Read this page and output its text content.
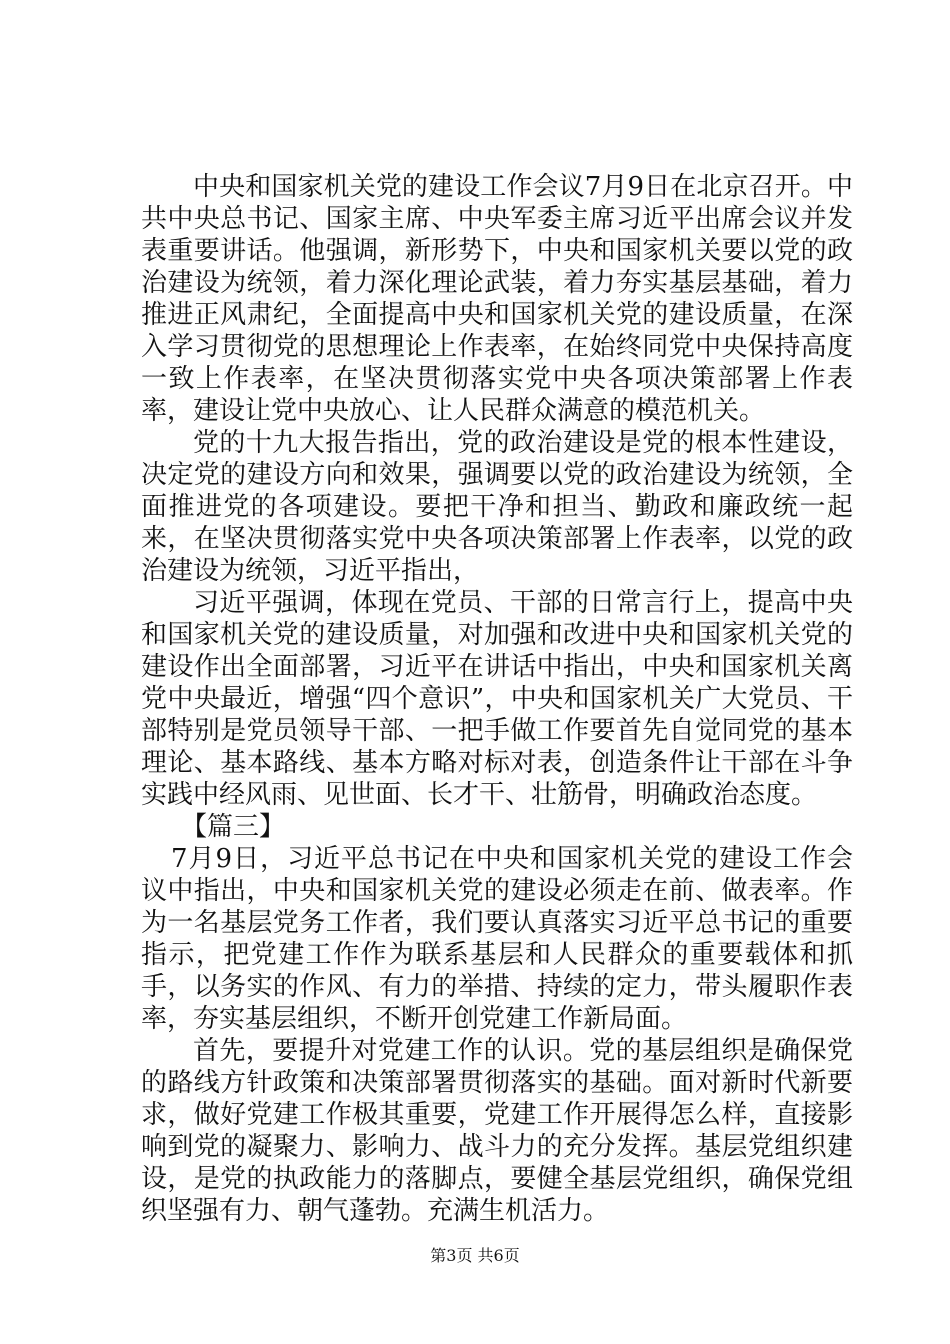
中央和国家机关党的建设工作会议7月9日在北京召开。中共中央总书记、国家主席、中央军委主席习近平出席会议并发表重要讲话。他强调，新形势下，中央和国家机关要以党的政治建设为统领，着力深化理论武装，着力夯实基层基础，着力推进正风肃纪，全面提高中央和国家机关党的建设质量，在深入学习贯彻党的思想理论上作表率，在始终同党中央保持高度一致上作表率，在坚决贯彻落实党中央各项决策部署上作表率，建设让党中央放心、让人民群众满意的模范机关。

党的十九大报告指出，党的政治建设是党的根本性建设，决定党的建设方向和效果，强调要以党的政治建设为统领，全面推进党的各项建设。要把干净和担当、勤政和廉政统一起来，在坚决贯彻落实党中央各项决策部署上作表率，以党的政治建设为统领，习近平指出，

习近平强调，体现在党员、干部的日常言行上，提高中央和国家机关党的建设质量，对加强和改进中央和国家机关党的建设作出全面部署，习近平在讲话中指出，中央和国家机关离党中央最近，增强“四个意识”，中央和国家机关广大党员、干部特别是党员领导干部、一把手做工作要首先自觉同党的基本理论、基本路线、基本方略对标对表，创造条件让干部在斗争实践中经风雨、见世面、长才干、壮筋骨，明确政治态度。

【篇三】

7月9日，习近平总书记在中央和国家机关党的建设工作会议中指出，中央和国家机关党的建设必须走在前、做表率。作为一名基层党务工作者，我们要认真落实习近平总书记的重要指示，把党建工作作为联系基层和人民群众的重要载体和抓手，以务实的作风、有力的举措、持续的定力，带头履职作表率，夯实基层组织，不断开创党建工作新局面。

首先，要提升对党建工作的认识。党的基层组织是确保党的路线方针政策和决策部署贯彻落实的基础。面对新时代新要求，做好党建工作极其重要，党建工作开展得怎么样，直接影响到党的凝聚力、影响力、战斗力的充分发挥。基层党组织建设，是党的执政能力的落脚点，要健全基层党组织，确保党组织坚强有力、朝气蓬勃。充满生机活力。

第3页 共6页
